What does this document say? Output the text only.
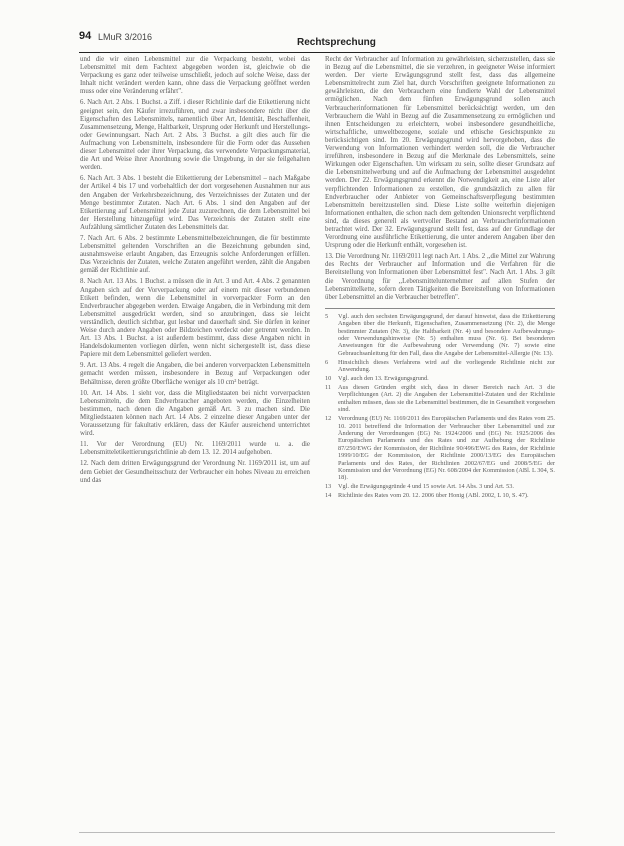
94 LMuR 3/2016	Rechtsprechung

und die wir einen Lebensmittel zur die Verpackung besteht, wobei das Lebensmittel mit dem Fachtext abgegeben worden ist, gleichwie ob die Verpackung es ganz oder teilweise umschließt, jedoch auf solche Weise, dass der Inhalt nicht verändert werden kann, ohne dass die Verpackung geöffnet werden muss oder eine Veränderung erfährt".

6. Nach Art. 2 Abs. 1 Buchst. a Ziff. i dieser Richtlinie darf die Etikettierung nicht geeignet sein, den Käufer irrezuführen, und zwar insbesondere nicht über die Eigenschaften des Lebensmittels, namentlich über Art, Identität, Beschaffenheit, Zusammensetzung, Menge, Haltbarkeit, Ursprung oder Herkunft und Herstellungs- oder Gewinnungsart. Nach Art. 2 Abs. 3 Buchst. a gilt dies auch für die Aufmachung von Lebensmitteln, insbesondere für die Form oder das Aussehen dieser Lebensmittel oder ihrer Verpackung, das verwendete Verpackungsmaterial, die Art und Weise ihrer Anordnung sowie die Umgebung, in der sie feilgehalten werden.

6. Nach Art. 3 Abs. 1 besteht die Etikettierung der Lebensmittel – nach Maßgabe der Artikel 4 bis 17 und vorbehaltlich der dort vorgesehenen Ausnahmen nur aus den Angaben der Verkehrsbezeichnung, des Verzeichnisses der Zutaten und der Menge bestimmter Zutaten. Nach Art. 6 Abs. 1 sind den Angaben auf der Etikettierung auf Lebensmittel jede Zutat zuzurechnen, die dem Lebensmittel bei der Herstellung hinzugefügt wird. Das Verzeichnis der Zutaten stellt eine Aufzählung sämtlicher Zutaten des Lebensmittels dar.

7. Nach Art. 6 Abs. 2 bestimmte Lebensmittelbezeichnungen, die für bestimmte Lebensmittel geltenden Vorschriften an die Bezeichnung gebunden sind, ausnahmsweise erlaubt Angaben, das Erzeugnis solche Anforderungen erfüllen. Das Verzeichnis der Zutaten, welche Zutaten angeführt werden, zählt die Angaben gemäß der Richtlinie auf.

8. Nach Art. 13 Abs. 1 Buchst. a müssen die in Art. 3 und Art. 4 Abs. 2 genannten Angaben sich auf der Vorverpackung oder auf einem mit dieser verbundenen Etikett befinden, wenn die Lebensmittel in vorverpackter Form an den Endverbraucher abgegeben werden. Etwaige Angaben, die in Verbindung mit dem Lebensmittel ausgedrückt werden, sind so anzubringen, dass sie leicht verständlich, deutlich sichtbar, gut lesbar und dauerhaft sind. Sie dürfen in keiner Weise durch andere Angaben oder Bildzeichen verdeckt oder getrennt werden. In Art. 13 Abs. 1 Buchst. a ist außerdem bestimmt, dass diese Angaben nicht in Handelsdokumenten vorliegen dürfen, wenn nicht sichergestellt ist, dass diese Papiere mit dem Lebensmittel geliefert werden.

9. Art. 13 Abs. 4 regelt die Angaben, die bei anderen vorverpackten Lebensmitteln gemacht werden müssen, insbesondere in Bezug auf Verpackungen oder Behältnisse, deren größte Oberfläche weniger als 10 cm² beträgt.

10. Art. 14 Abs. 1 sieht vor, dass die Mitgliedstaaten bei nicht vorverpackten Lebensmitteln, die dem Endverbraucher angeboten werden, die Einzelheiten bestimmen, nach denen die Angaben gemäß Art. 3 zu machen sind. Die Mitgliedstaaten können nach Art. 14 Abs. 2 einzelne dieser Angaben unter der Voraussetzung für fakultativ erklären, dass der Käufer ausreichend unterrichtet wird.

11. Vor der Verordnung (EU) Nr. 1169/2011 wurde u. a. die Lebensmitteletikettierungsrichtlinie ab dem 13. 12. 2014 aufgehoben.

12. Nach dem dritten Erwägungsgrund der Verordnung Nr. 1169/2011 ist, um auf dem Gebiet der Gesundheitsschutz der Verbraucher ein hohes Niveau zu erreichen und das

Recht der Verbraucher auf Information zu gewährleisten, sicherzustellen, dass sie in Bezug auf die Lebensmittel, die sie verzehren, in geeigneter Weise informiert werden. Der vierte Erwägungsgrund stellt fest, dass das allgemeine Lebensmittelrecht zum Ziel hat, durch Vorschriften geeignete Informationen zu gewährleisten, die den Verbrauchern eine fundierte Wahl der Lebensmittel ermöglichen. Nach dem fünften Erwägungsgrund sollen auch Verbraucherinformationen für Lebensmittel berücksichtigt werden, um den Verbrauchern die Wahl in Bezug auf die Zusammensetzung zu ermöglichen und ihnen Entscheidungen zu erleichtern, wobei insbesondere gesundheitliche, wirtschaftliche, umweltbezogene, soziale und ethische Gesichtspunkte zu berücksichtigen sind. Im 20. Erwägungsgrund wird hervorgehoben, dass die Verwendung von Informationen verhindert werden soll, die die Verbraucher irreführen, insbesondere in Bezug auf die Merkmale des Lebensmittels, seine Wirkungen oder Eigenschaften. Um wirksam zu sein, sollte dieser Grundsatz auf die Lebensmittelwerbung und auf die Aufmachung der Lebensmittel ausgedehnt werden. Der 22. Erwägungsgrund erkennt die Notwendigkeit an, eine Liste aller verpflichtenden Informationen zu erstellen, die grundsätzlich zu allen für Endverbraucher oder Anbieter von Gemeinschaftsverpflegung bestimmten Lebensmitteln bereitzustellen sind. Diese Liste sollte weiterhin diejenigen Informationen enthalten, die schon nach dem geltenden Unionsrecht verpflichtend sind, da dieses generell als wertvoller Bestand an Verbraucherinformationen betrachtet wird. Der 32. Erwägungsgrund stellt fest, dass auf der Grundlage der Verordnung eine ausführliche Etikettierung, die unter anderem Angaben über den Ursprung oder die Herkunft enthält, vorgesehen ist.

13. Die Verordnung Nr. 1169/2011 legt nach Art. 1 Abs. 2 ,,die Mittel zur Wahrung des Rechts der Verbraucher auf Information und die Verfahren für die Bereitstellung von Informationen über Lebensmittel fest". Nach Art. 1 Abs. 3 gilt die Verordnung für ,,Lebensmittelunternehmer auf allen Stufen der Lebensmittelkette, sofern deren Tätigkeiten die Bereitstellung von Informationen über Lebensmittel an die Verbraucher betreffen".

5	Vgl. auch den sechsten Erwägungsgrund, der darauf hinweist, dass die Etikettierung Angaben über die Herkunft, Eigenschaften, Zusammensetzung (Nr. 2), die Menge bestimmter Zutaten (Nr. 3), die Haltbarkeit (Nr. 4) und besondere Aufbewahrungs- oder Verwendungshinweise (Nr. 5) enthalten muss (Nr. 6). Bei besonderen Anweisungen für die Aufbewahrung oder Verwendung (Nr. 7) sowie eine Gebrauchsanleitung für den Fall, dass die Angabe der Lebensmittel-Allergie (Nr. 13).
6	Hinsichtlich dieses Verfahrens wird auf die vorliegende Richtlinie nicht zur Anwendung.
10	Vgl. auch den 13. Erwägungsgrund.
11	Aus diesen Gründen ergibt sich, dass in dieser Bereich nach Art. 3 die Verpflichtungen (Art. 2) die Angaben der Lebensmittel-Zutaten und der Richtlinie enthalten müssen, dass sie die Lebensmittel bestimmen, die in Gesamtheit vorgesehen sind.
12	Verordnung (EU) Nr. 1169/2011 des Europäischen Parlaments und des Rates vom 25. 10. 2011 betreffend die Information der Verbraucher über Lebensmittel und zur Änderung der Verordnungen (EG) Nr. 1924/2006 und (EG) Nr. 1925/2006 des Europäischen Parlaments und des Rates und zur Aufhebung der Richtlinie 87/250/EWG der Kommission, der Richtlinie 90/496/EWG des Rates, der Richtlinie 1999/10/EG der Kommission, der Richtlinie 2000/13/EG des Europäischen Parlaments und des Rates, der Richtlinien 2002/67/EG und 2008/5/EG der Kommission und der Verordnung (EG) Nr. 608/2004 der Kommission (ABl. L 304, S. 18).
13	Vgl. die Erwägungsgründe 4 und 15 sowie Art. 14 Abs. 3 und Art. 53.
14	Richtlinie des Rates vom 20. 12. 2006 über Honig (ABl. 2002, L 10, S. 47).
